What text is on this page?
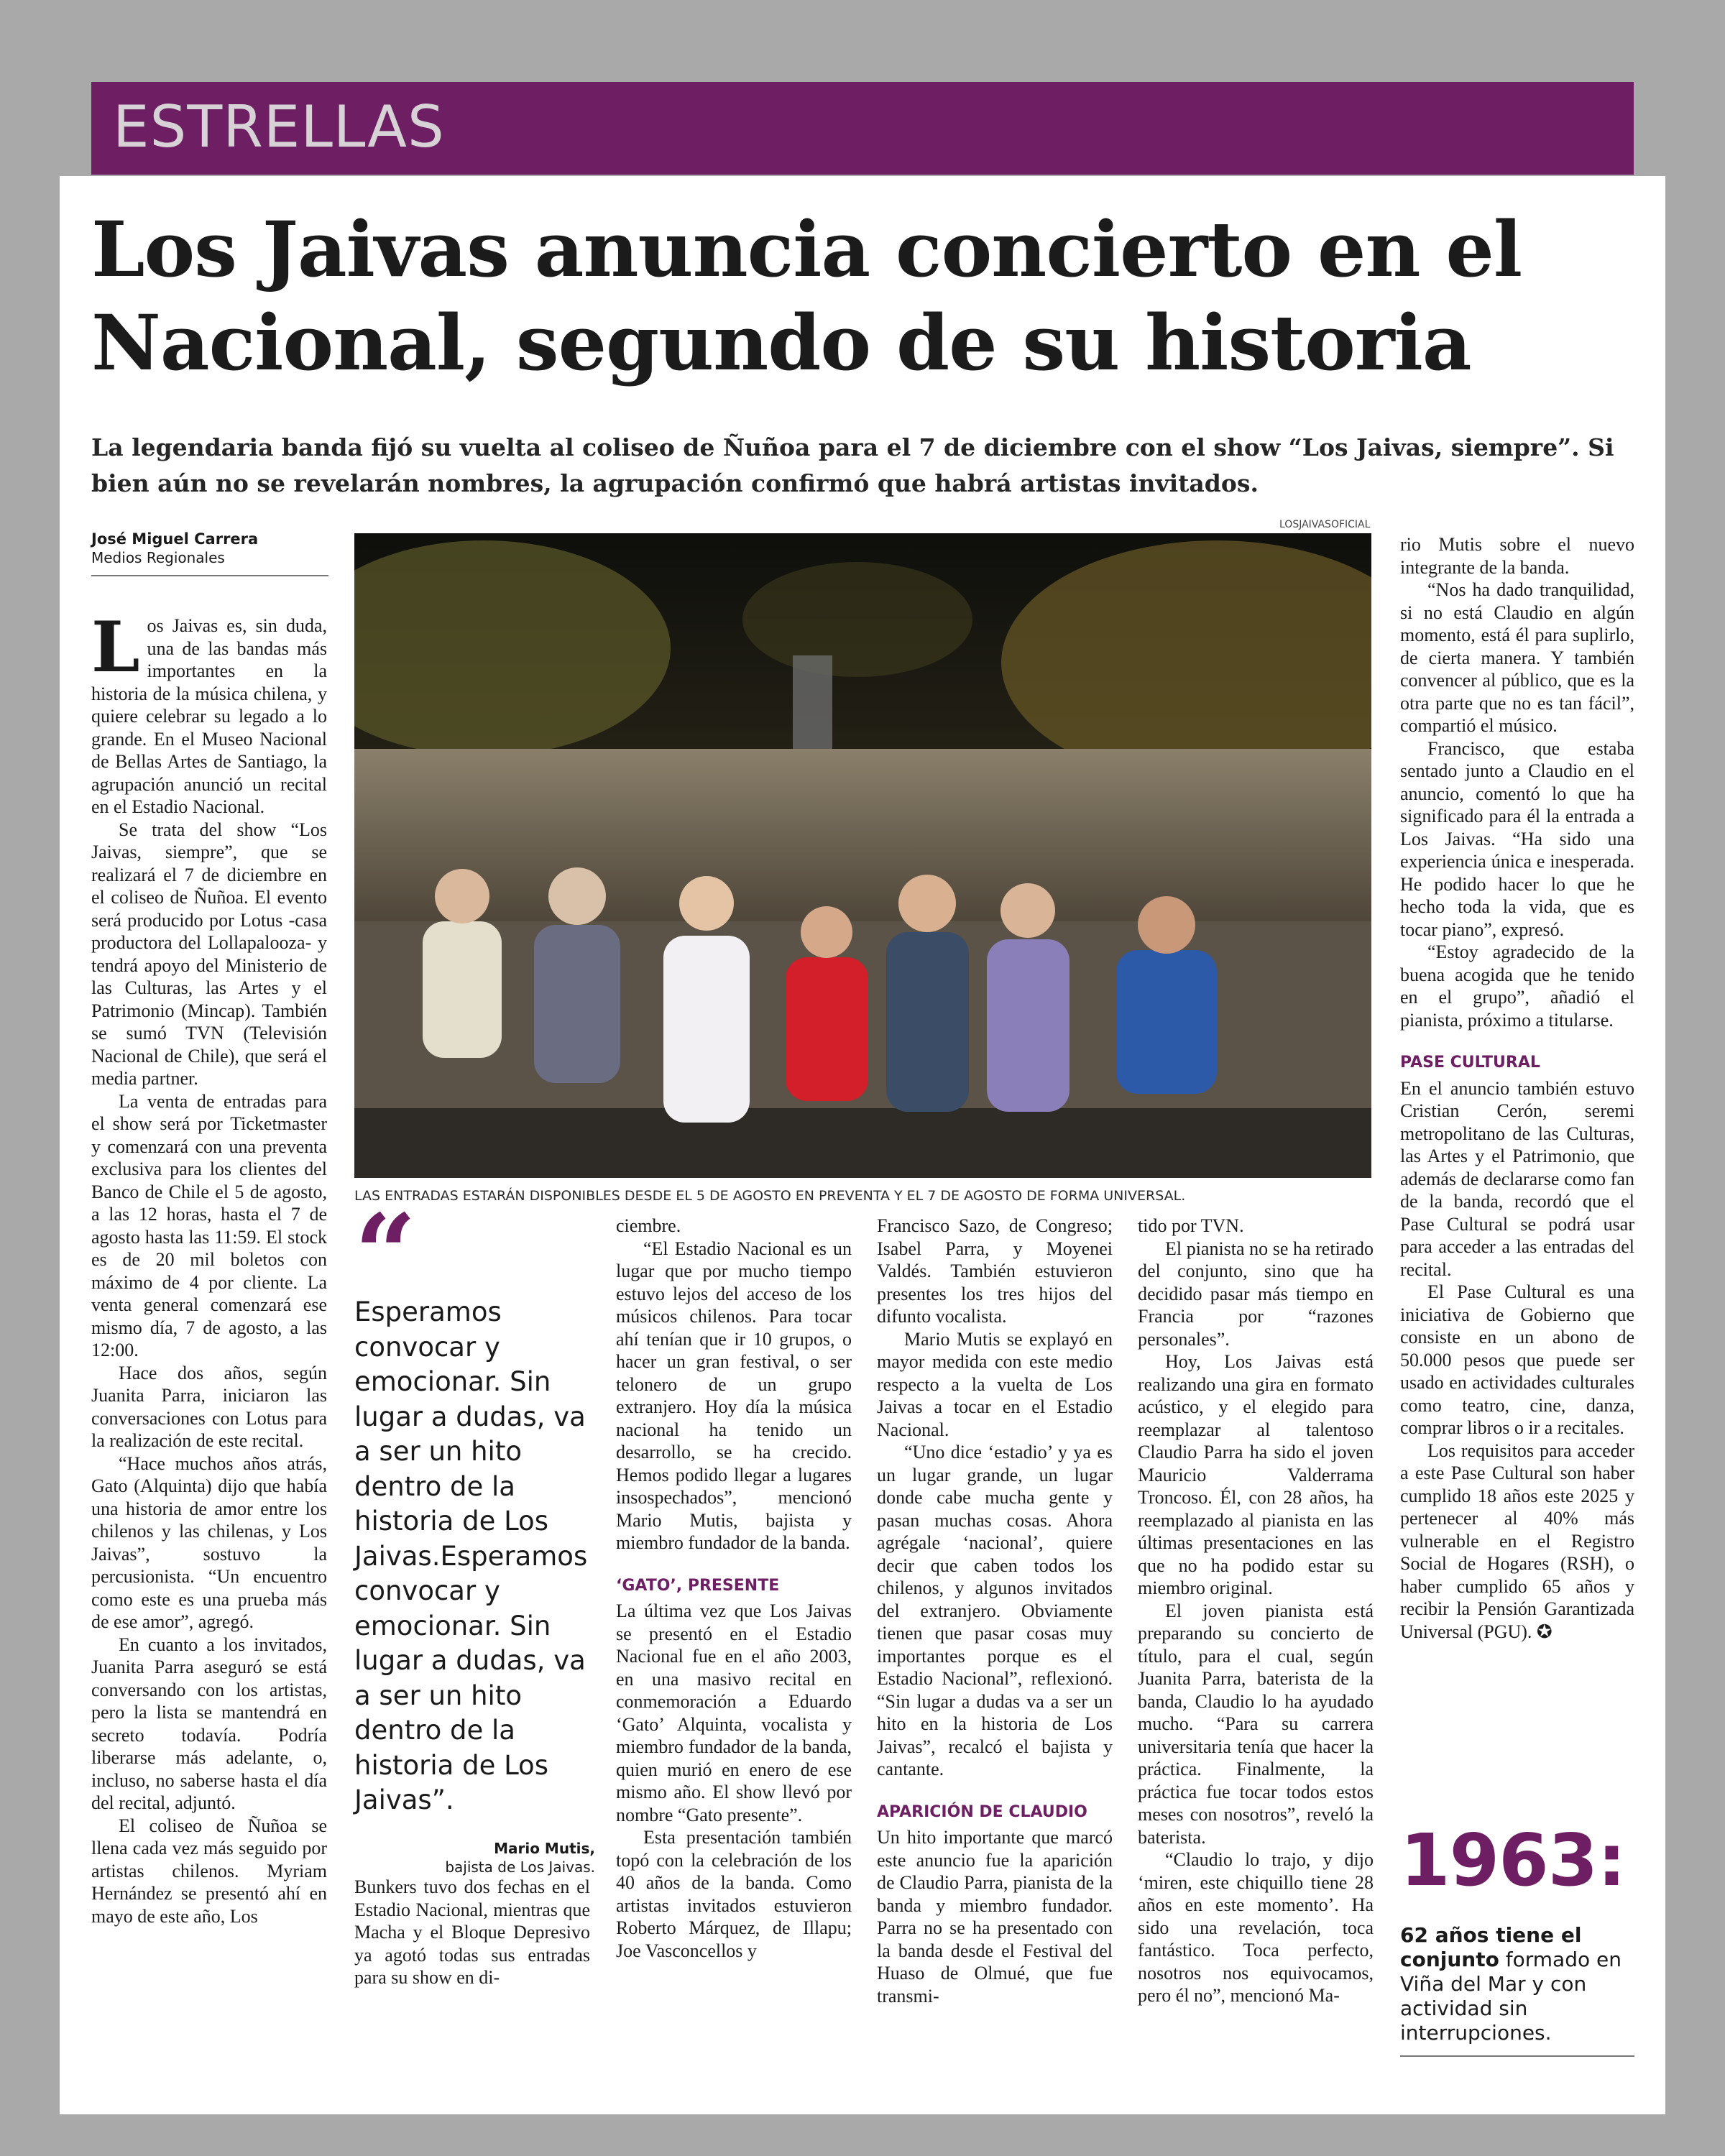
ESTRELLAS
Los Jaivas anuncia concierto en el Nacional, segundo de su historia
La legendaria banda fijó su vuelta al coliseo de Ñuñoa para el 7 de diciembre con el show “Los Jaivas, siempre”. Si bien aún no se revelarán nombres, la agrupación confirmó que habrá artistas invitados.
José Miguel Carrera
Medios Regionales

Los Jaivas es, sin duda, una de las bandas más importantes en la historia de la música chilena, y quiere celebrar su legado a lo grande. En el Museo Nacional de Bellas Artes de Santiago, la agrupación anunció un recital en el Estadio Nacional.

Se trata del show “Los Jaivas, siempre”, que se realizará el 7 de diciembre en el coliseo de Ñuñoa. El evento será producido por Lotus -casa productora del Lollapalooza- y tendrá apoyo del Ministerio de las Culturas, las Artes y el Patrimonio (Mincap). También se sumó TVN (Televisión Nacional de Chile), que será el media partner.

La venta de entradas para el show será por Ticketmaster y comenzará con una preventa exclusiva para los clientes del Banco de Chile el 5 de agosto, a las 12 horas, hasta el 7 de agosto hasta las 11:59. El stock es de 20 mil boletos con máximo de 4 por cliente. La venta general comenzará ese mismo día, 7 de agosto, a las 12:00.

Hace dos años, según Juanita Parra, iniciaron las conversaciones con Lotus para la realización de este recital.

“Hace muchos años atrás, Gato (Alquinta) dijo que había una historia de amor entre los chilenos y las chilenas, y Los Jaivas”, sostuvo la percusionista. “Un encuentro como este es una prueba más de ese amor”, agregó.

En cuanto a los invitados, Juanita Parra aseguró se está conversando con los artistas, pero la lista se mantendrá en secreto todavía. Podría liberarse más adelante, o, incluso, no saberse hasta el día del recital, adjuntó.

El coliseo de Ñuñoa se llena cada vez más seguido por artistas chilenos. Myriam Hernández se presentó ahí en mayo de este año, Los

LOSJAIVASOFICIAL
LAS ENTRADAS ESTARÁN DISPONIBLES DESDE EL 5 DE AGOSTO EN PREVENTA Y EL 7 DE AGOSTO DE FORMA UNIVERSAL.
“
Esperamos convocar y emocionar. Sin lugar a dudas, va a ser un hito dentro de la historia de Los Jaivas.Esperamos convocar y emocionar. Sin lugar a dudas, va a ser un hito dentro de la historia de Los Jaivas”.
Mario Mutis,
bajista de Los Jaivas.

Bunkers tuvo dos fechas en el Estadio Nacional, mientras que Macha y el Bloque Depresivo ya agotó todas sus entradas para su show en di-

ciembre.

“El Estadio Nacional es un lugar que por mucho tiempo estuvo lejos del acceso de los músicos chilenos. Para tocar ahí tenían que ir 10 grupos, o hacer un gran festival, o ser telonero de un grupo extranjero. Hoy día la música nacional ha tenido un desarrollo, se ha crecido. Hemos podido llegar a lugares insospechados”, mencionó Mario Mutis, bajista y miembro fundador de la banda.

‘GATO’, PRESENTE

La última vez que Los Jaivas se presentó en el Estadio Nacional fue en el año 2003, en una masivo recital en conmemoración a Eduardo ‘Gato’ Alquinta, vocalista y miembro fundador de la banda, quien murió en enero de ese mismo año. El show llevó por nombre “Gato presente”.

Esta presentación también topó con la celebración de los 40 años de la banda. Como artistas invitados estuvieron Roberto Márquez, de Illapu; Joe Vasconcellos y

Francisco Sazo, de Congreso; Isabel Parra, y Moyenei Valdés. También estuvieron presentes los tres hijos del difunto vocalista.

Mario Mutis se explayó en mayor medida con este medio respecto a la vuelta de Los Jaivas a tocar en el Estadio Nacional.

“Uno dice ‘estadio’ y ya es un lugar grande, un lugar donde cabe mucha gente y pasan muchas cosas. Ahora agrégale ‘nacional’, quiere decir que caben todos los chilenos, y algunos invitados del extranjero. Obviamente tienen que pasar cosas muy importantes porque es el Estadio Nacional”, reflexionó. “Sin lugar a dudas va a ser un hito en la historia de Los Jaivas”, recalcó el bajista y cantante.

APARICIÓN DE CLAUDIO

Un hito importante que marcó este anuncio fue la aparición de Claudio Parra, pianista de la banda y miembro fundador. Parra no se ha presentado con la banda desde el Festival del Huaso de Olmué, que fue transmi-

tido por TVN.

El pianista no se ha retirado del conjunto, sino que ha decidido pasar más tiempo en Francia por “razones personales”.

Hoy, Los Jaivas está realizando una gira en formato acústico, y el elegido para reemplazar al talentoso Claudio Parra ha sido el joven Mauricio Valderrama Troncoso. Él, con 28 años, ha reemplazado al pianista en las últimas presentaciones en las que no ha podido estar su miembro original.

El joven pianista está preparando su concierto de título, para el cual, según Juanita Parra, baterista de la banda, Claudio lo ha ayudado mucho. “Para su carrera universitaria tenía que hacer la práctica. Finalmente, la práctica fue tocar todos estos meses con nosotros”, reveló la baterista.

“Claudio lo trajo, y dijo ‘miren, este chiquillo tiene 28 años en este momento’. Ha sido una revelación, toca fantástico. Toca perfecto, nosotros nos equivocamos, pero él no”, mencionó Ma-

rio Mutis sobre el nuevo integrante de la banda.

“Nos ha dado tranquilidad, si no está Claudio en algún momento, está él para suplirlo, de cierta manera. Y también convencer al público, que es la otra parte que no es tan fácil”, compartió el músico.

Francisco, que estaba sentado junto a Claudio en el anuncio, comentó lo que ha significado para él la entrada a Los Jaivas. “Ha sido una experiencia única e inesperada. He podido hacer lo que he hecho toda la vida, que es tocar piano”, expresó.

“Estoy agradecido de la buena acogida que he tenido en el grupo”, añadió el pianista, próximo a titularse.

PASE CULTURAL

En el anuncio también estuvo Cristian Cerón, seremi metropolitano de las Culturas, las Artes y el Patrimonio, que además de declararse como fan de la banda, recordó que el Pase Cultural se podrá usar para acceder a las entradas del recital.

El Pase Cultural es una iniciativa de Gobierno que consiste en un abono de 50.000 pesos que puede ser usado en actividades culturales como teatro, cine, danza, comprar libros o ir a recitales.

Los requisitos para acceder a este Pase Cultural son haber cumplido 18 años este 2025 y pertenecer al 40% más vulnerable en el Registro Social de Hogares (RSH), o haber cumplido 65 años y recibir la Pensión Garantizada Universal (PGU). ✪

1963:
62 años tiene el conjunto formado en Viña del Mar y con actividad sin interrupciones.
